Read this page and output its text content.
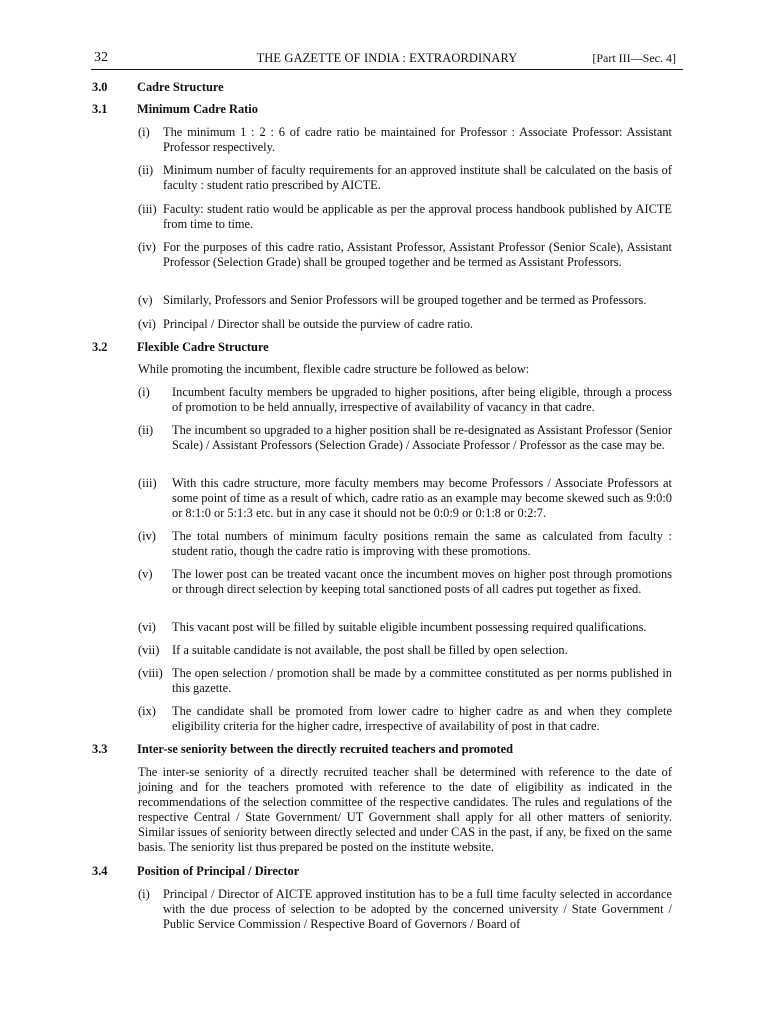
32	THE GAZETTE OF INDIA : EXTRAORDINARY	[Part III—Sec. 4]
3.0 Cadre Structure
3.1 Minimum Cadre Ratio
(i) The minimum 1 : 2 : 6 of cadre ratio be maintained for Professor : Associate Professor: Assistant Professor respectively.
(ii) Minimum number of faculty requirements for an approved institute shall be calculated on the basis of faculty : student ratio prescribed by AICTE.
(iii) Faculty: student ratio would be applicable as per the approval process handbook published by AICTE from time to time.
(iv) For the purposes of this cadre ratio, Assistant Professor, Assistant Professor (Senior Scale), Assistant Professor (Selection Grade) shall be grouped together and be termed as Assistant Professors.
(v) Similarly, Professors and Senior Professors will be grouped together and be termed as Professors.
(vi) Principal / Director shall be outside the purview of cadre ratio.
3.2 Flexible Cadre Structure
While promoting the incumbent, flexible cadre structure be followed as below:
(i) Incumbent faculty members be upgraded to higher positions, after being eligible, through a process of promotion to be held annually, irrespective of availability of vacancy in that cadre.
(ii) The incumbent so upgraded to a higher position shall be re-designated as Assistant Professor (Senior Scale) / Assistant Professors (Selection Grade) / Associate Professor / Professor as the case may be.
(iii) With this cadre structure, more faculty members may become Professors / Associate Professors at some point of time as a result of which, cadre ratio as an example may become skewed such as 9:0:0 or 8:1:0 or 5:1:3 etc. but in any case it should not be 0:0:9 or 0:1:8 or 0:2:7.
(iv) The total numbers of minimum faculty positions remain the same as calculated from faculty : student ratio, though the cadre ratio is improving with these promotions.
(v) The lower post can be treated vacant once the incumbent moves on higher post through promotions or through direct selection by keeping total sanctioned posts of all cadres put together as fixed.
(vi) This vacant post will be filled by suitable eligible incumbent possessing required qualifications.
(vii) If a suitable candidate is not available, the post shall be filled by open selection.
(viii) The open selection / promotion shall be made by a committee constituted as per norms published in this gazette.
(ix) The candidate shall be promoted from lower cadre to higher cadre as and when they complete eligibility criteria for the higher cadre, irrespective of availability of post in that cadre.
3.3 Inter-se seniority between the directly recruited teachers and promoted
The inter-se seniority of a directly recruited teacher shall be determined with reference to the date of joining and for the teachers promoted with reference to the date of eligibility as indicated in the recommendations of the selection committee of the respective candidates. The rules and regulations of the respective Central / State Government/ UT Government shall apply for all other matters of seniority. Similar issues of seniority between directly selected and under CAS in the past, if any, be fixed on the same basis. The seniority list thus prepared be posted on the institute website.
3.4 Position of Principal / Director
(i) Principal / Director of AICTE approved institution has to be a full time faculty selected in accordance with the due process of selection to be adopted by the concerned university / State Government / Public Service Commission / Respective Board of Governors / Board of
